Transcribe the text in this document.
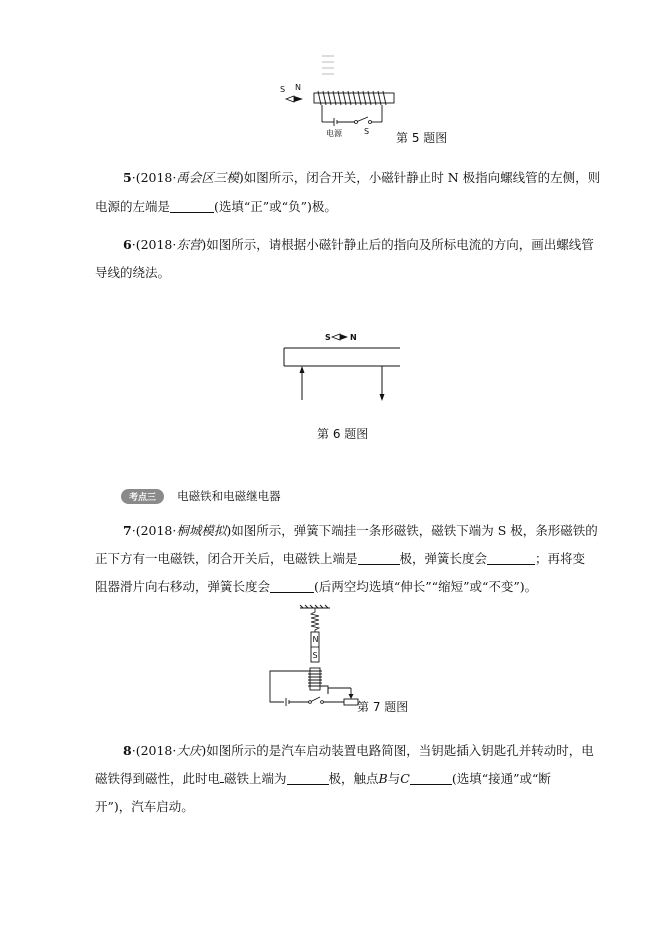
S N
电源	S 第 5 题图
5·(2018·禹会区三模)如图所示，闭合开关，小磁针静止时 N 极指向螺线管的左侧，则
电源的左端是	(选填“正”或“负”)极。
6·(2018·东营)如图所示，请根据小磁针静止后的指向及所标电流的方向，画出螺线管
导线的绕法。
S N
第 6 题图
考点三 电磁铁和电磁继电器
7·(2018·桐城模拟)如图所示，弹簧下端挂一条形磁铁，磁铁下端为 S 极，条形磁铁的
正下方有一电磁铁，闭合开关后，电磁铁上端是	极，弹簧长度会	；再将变
阻器滑片向右移动，弹簧长度会	(后两空均选填“伸长”“缩短”或“不变”)。
N
S
第 7 题图
8·(2018·大庆)如图所示的是汽车启动装置电路简图，当钥匙插入钥匙孔并转动时，电
磁铁得到磁性，此时电 磁铁上端为	极，触点B与C	(选填“接通”或“断
开”)，汽车启动。
